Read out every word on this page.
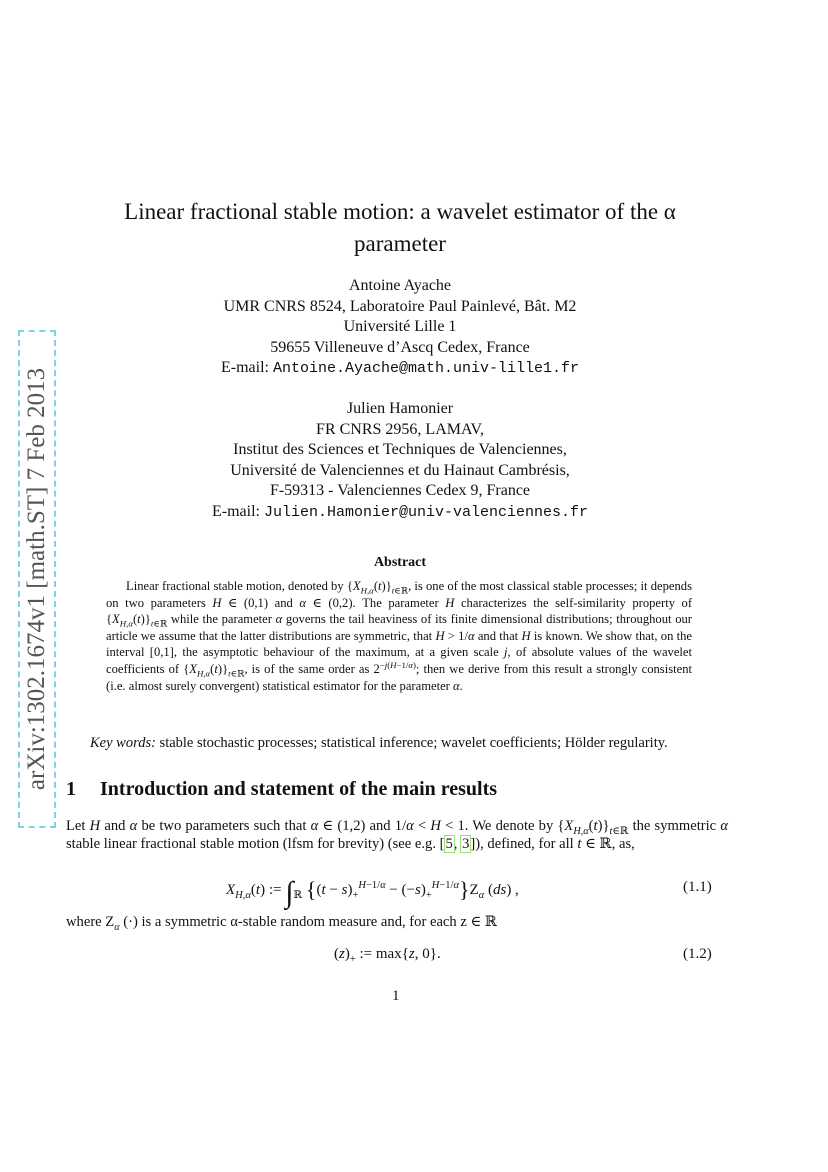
arXiv:1302.1674v1 [math.ST] 7 Feb 2013
Linear fractional stable motion: a wavelet estimator of the α
parameter
Antoine Ayache
UMR CNRS 8524, Laboratoire Paul Painlevé, Bât. M2
Université Lille 1
59655 Villeneuve d’Ascq Cedex, France
E-mail: Antoine.Ayache@math.univ-lille1.fr
Julien Hamonier
FR CNRS 2956, LAMAV,
Institut des Sciences et Techniques de Valenciennes,
Université de Valenciennes et du Hainaut Cambrésis,
F-59313 - Valenciennes Cedex 9, France
E-mail: Julien.Hamonier@univ-valenciennes.fr
Abstract
Linear fractional stable motion, denoted by $\{X_{H,\alpha}(t)\}_{t\in ℝ}$, is one of the most classical stable processes; it depends on two parameters H ∈ (0,1) and α ∈ (0,2). The parameter H characterizes the self-similarity property of $\{X_{H,\alpha}(t)\}_{t\in ℝ}$ while the parameter α governs the tail heaviness of its finite dimensional distributions; throughout our article we assume that the latter distributions are symmetric, that H > 1/α and that H is known. We show that, on the interval [0,1], the asymptotic behaviour of the maximum, at a given scale j, of absolute values of the wavelet coefficients of $\{X_{H,\alpha}(t)\}_{t\in ℝ}$, is of the same order as $2^{-j(H-1/\alpha)}$; then we derive from this result a strongly consistent (i.e. almost surely convergent) statistical estimator for the parameter α.
Key words: stable stochastic processes; statistical inference; wavelet coefficients; Hölder regularity.
1 Introduction and statement of the main results
Let H and α be two parameters such that α ∈ (1,2) and 1/α < H < 1. We denote by $\{X_{H,\alpha}(t)\}_{t\in ℝ}$ the symmetric α stable linear fractional stable motion (lfsm for brevity) (see e.g. [5, 3]), defined, for all t ∈ ℝ, as,
$X_{H,\alpha}(t)$ := $\int_ℝ$ $\{(t - s)_+^{H-1/\alpha} - (-s)_+^{H-1/\alpha}\}Z_\alpha$ (ds) ,	(1.1)
where $Z_\alpha$ (·) is a symmetric α-stable random measure and, for each z ∈ ℝ
$(z)_+$ := max{z, 0}.	(1.2)
1
